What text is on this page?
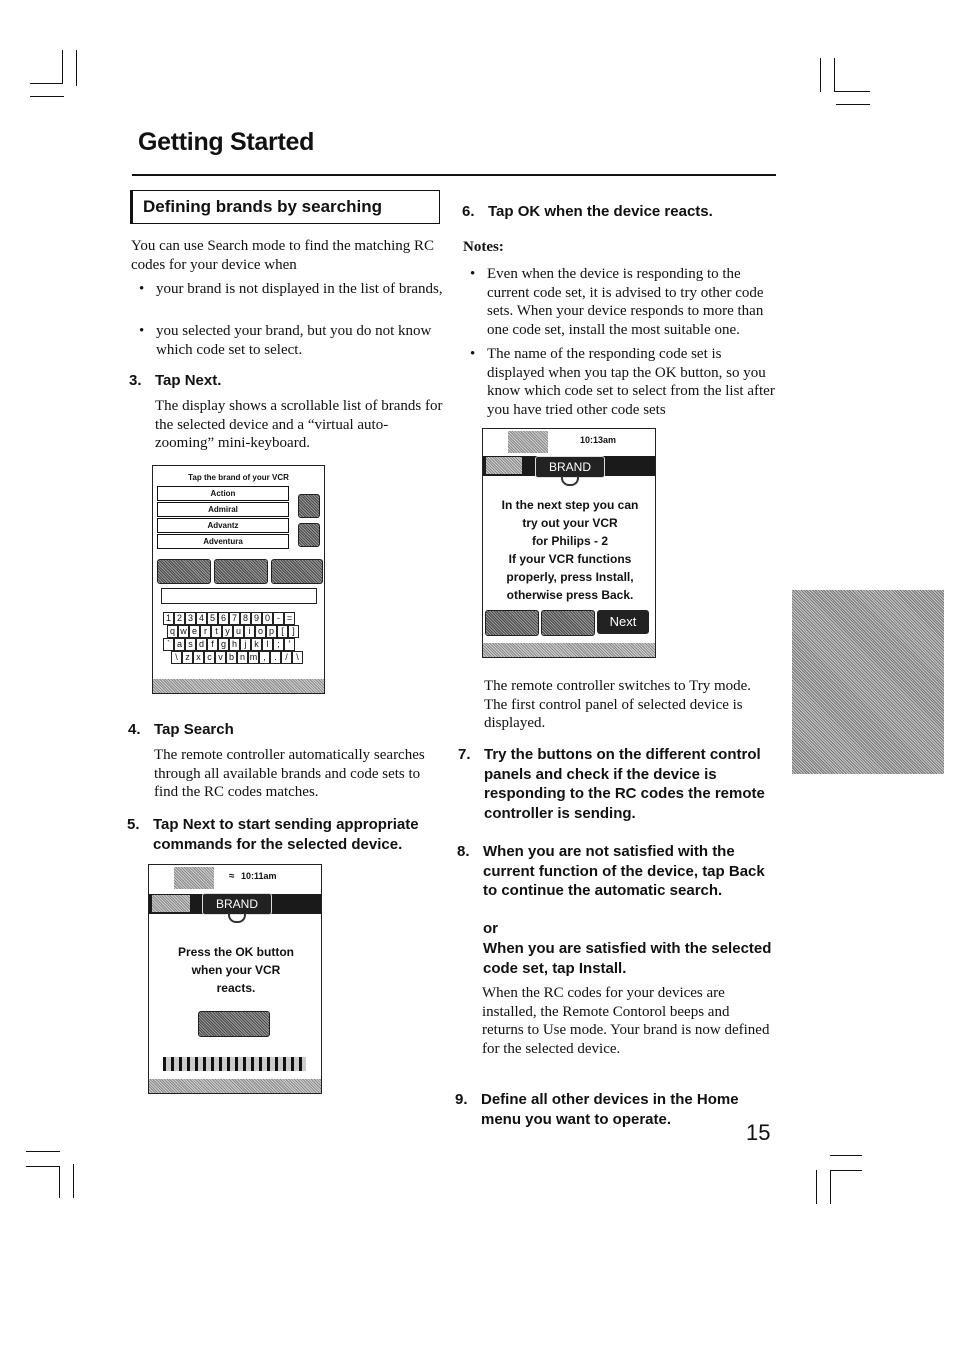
Getting Started
Defining brands by searching
You can use Search mode to find the matching RC codes for your device when
• your brand is not displayed in the list of brands,
• you selected your brand, but you do not know which code set to select.
3. Tap Next.
The display shows a scrollable list of brands for the selected device and a “virtual auto-zooming” mini-keyboard.
Tap the brand of your VCR
Action
Admiral
Advantz
Adventura
1 2 3 4 5 6 7 8 9 0 - =
q w e r t y u i o p [ ]
` a s d f g h j k l ; '
\ z x c v b n m , . / \
4. Tap Search
The remote controller automatically searches through all available brands and code sets to find the RC codes matches.
5. Tap Next to start sending appropriate commands for the selected device.
≈ 10:11am
BRAND
Press the OK button
when your VCR
reacts.
6. Tap OK when the device reacts.
Notes:
• Even when the device is responding to the current code set, it is advised to try other code sets. When your device responds to more than one code set, install the most suitable one.
• The name of the responding code set is displayed when you tap the OK button, so you know which code set to select from the list after you have tried other code sets
10:13am
BRAND
In the next step you can
try out your VCR
for Philips - 2
If your VCR functions
properly, press Install,
otherwise press Back.
Next
The remote controller switches to Try mode. The first control panel of selected device is displayed.
7. Try the buttons on the different control panels and check if the device is responding to the RC codes the remote controller is sending.
8. When you are not satisfied with the current function of the device, tap Back to continue the automatic search.
or
When you are satisfied with the selected code set, tap Install.
When the RC codes for your devices are installed, the Remote Contorol beeps and returns to Use mode. Your brand is now defined for the selected device.
9. Define all other devices in the Home menu you want to operate.
15
